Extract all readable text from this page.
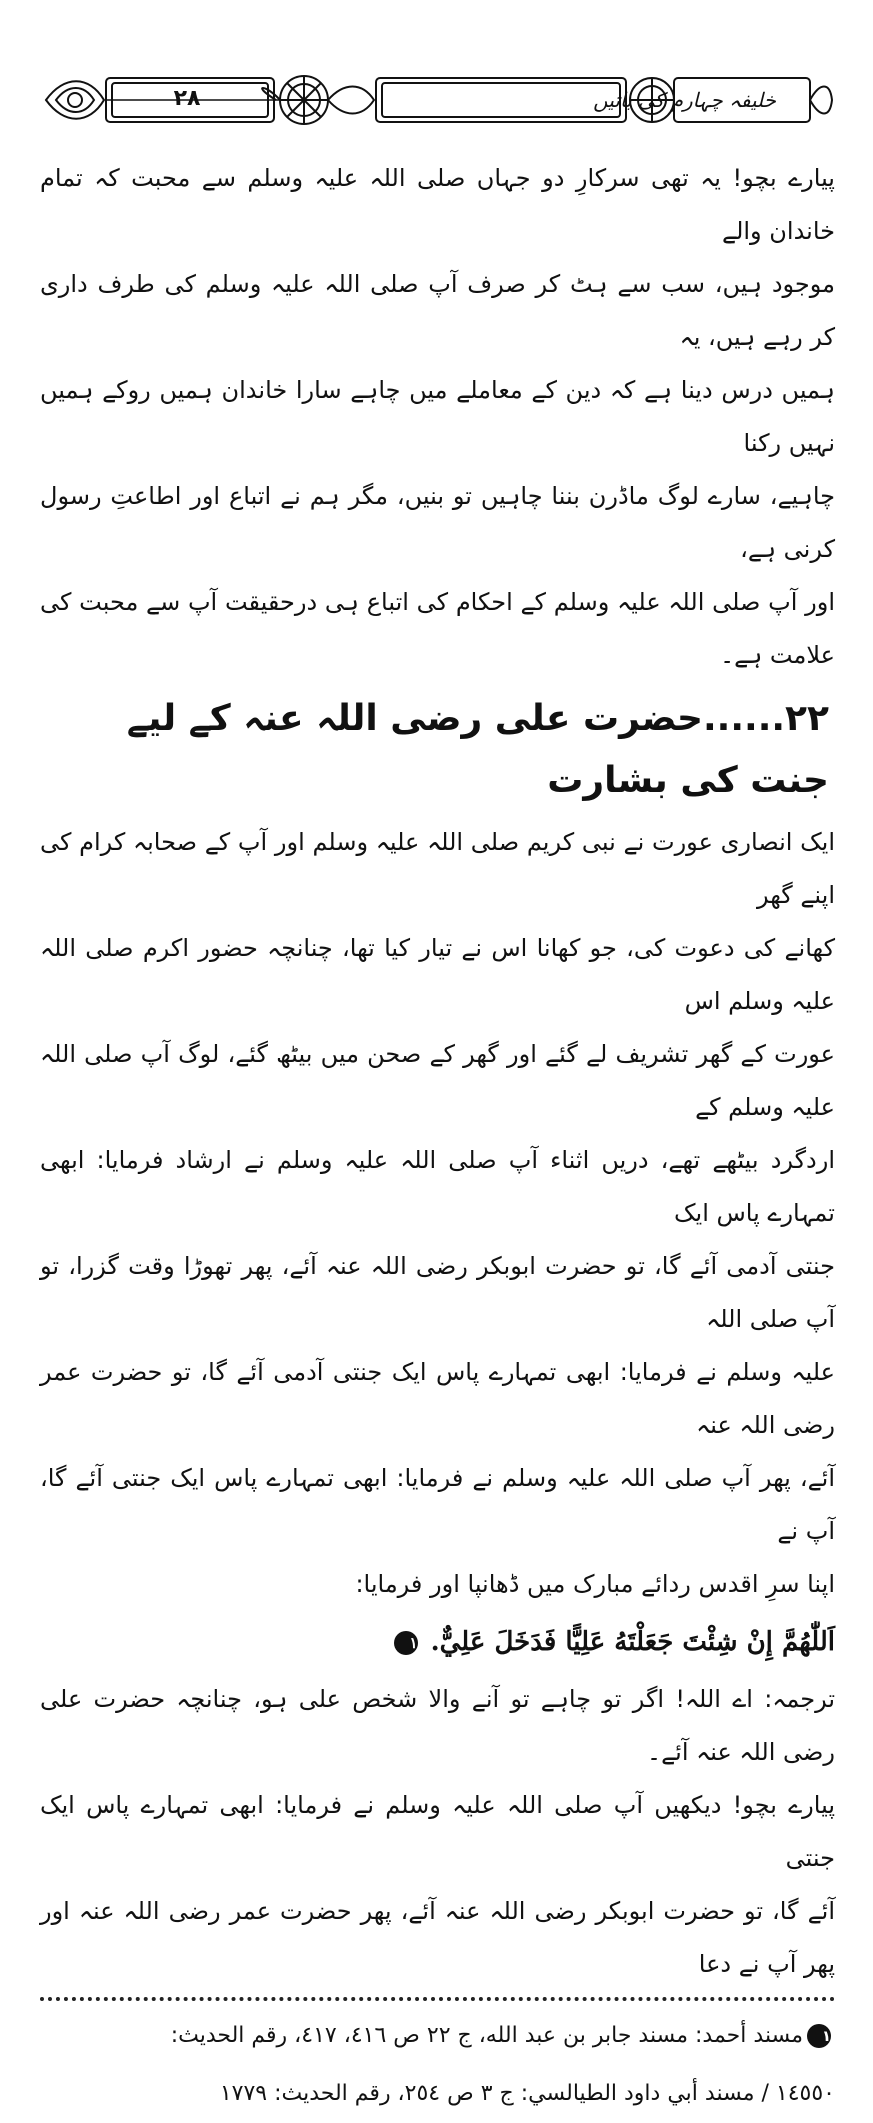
۲۸	خلیفہ چہارم کی باتیں

پیارے بچو! یہ تھی سرکارِ دو جہاں صلی اللہ علیہ وسلم سے محبت کہ تمام خاندان والے

موجود ہیں، سب سے ہٹ کر صرف آپ صلی اللہ علیہ وسلم کی طرف داری کر رہے ہیں، یہ

ہمیں درس دینا ہے کہ دین کے معاملے میں چاہے سارا خاندان ہمیں روکے ہمیں نہیں رکنا

چاہیے، سارے لوگ ماڈرن بننا چاہیں تو بنیں، مگر ہم نے اتباع اور اطاعتِ رسول کرنی ہے،

اور آپ صلی اللہ علیہ وسلم کے احکام کی اتباع ہی درحقیقت آپ سے محبت کی علامت ہے۔

۲۲......حضرت علی رضی اللہ عنہ کے لیے جنت کی بشارت

ایک انصاری عورت نے نبی کریم صلی اللہ علیہ وسلم اور آپ کے صحابہ کرام کی اپنے گھر

کھانے کی دعوت کی، جو کھانا اس نے تیار کیا تھا، چنانچہ حضور اکرم صلی اللہ علیہ وسلم اس

عورت کے گھر تشریف لے گئے اور گھر کے صحن میں بیٹھ گئے، لوگ آپ صلی اللہ علیہ وسلم کے

اردگرد بیٹھے تھے، دریں اثناء آپ صلی اللہ علیہ وسلم نے ارشاد فرمایا: ابھی تمہارے پاس ایک

جنتی آدمی آئے گا، تو حضرت ابوبکر رضی اللہ عنہ آئے، پھر تھوڑا وقت گزرا، تو آپ صلی اللہ

علیہ وسلم نے فرمایا: ابھی تمہارے پاس ایک جنتی آدمی آئے گا، تو حضرت عمر رضی اللہ عنہ

آئے، پھر آپ صلی اللہ علیہ وسلم نے فرمایا: ابھی تمہارے پاس ایک جنتی آئے گا، آپ نے

اپنا سرِ اقدس ردائے مبارک میں ڈھانپا اور فرمایا:

اَللّٰهُمَّ إِنْ شِئْتَ جَعَلْتَهُ عَلِيًّا فَدَخَلَ عَلِيٌّ. ١

ترجمہ: اے اللہ! اگر تو چاہے تو آنے والا شخص علی ہو، چنانچہ حضرت علی رضی اللہ عنہ آئے۔

پیارے بچو! دیکھیں آپ صلی اللہ علیہ وسلم نے فرمایا: ابھی تمہارے پاس ایک جنتی

آئے گا، تو حضرت ابوبکر رضی اللہ عنہ آئے، پھر حضرت عمر رضی اللہ عنہ اور پھر آپ نے دعا

١مسند أحمد: مسند جابر بن عبد الله، ج ٢٢ ص ٤١٦، ٤١٧، رقم الحديث:

١٤٥٥٠ / مسند أبي داود الطيالسي: ج ٣ ص ٢٥٤، رقم الحديث: ١٧٧٩
